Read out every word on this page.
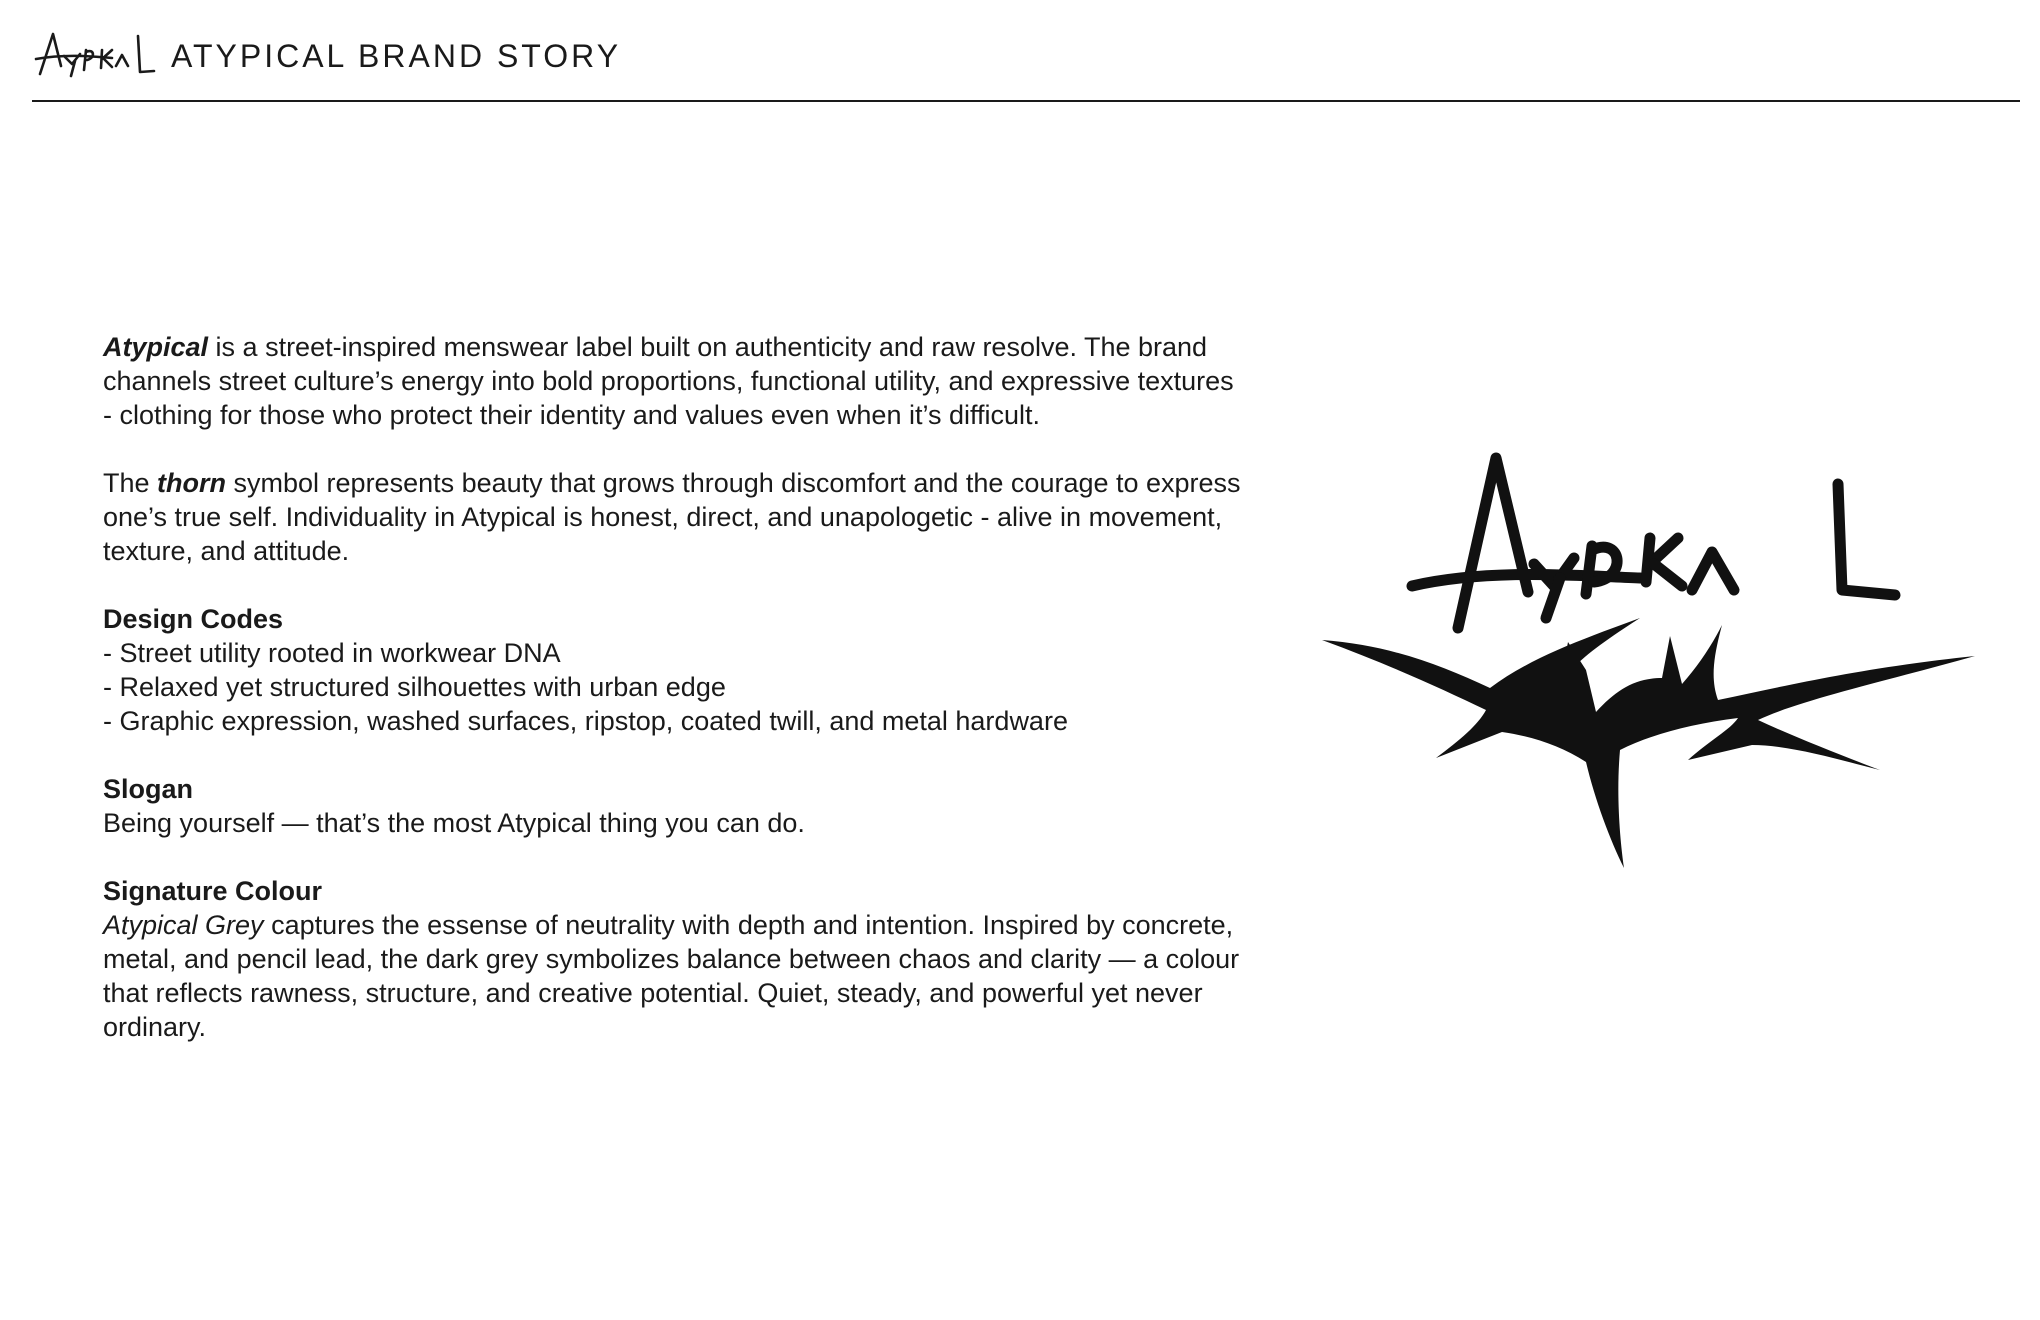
ATYPICAL BRAND STORY

Atypical is a street-inspired menswear label built on authenticity and raw resolve. The brand channels street culture’s energy into bold proportions, functional utility, and expressive textures - clothing for those who protect their identity and values even when it’s difficult.

The thorn symbol represents beauty that grows through discomfort and the courage to express one’s true self. Individuality in Atypical is honest, direct, and unapologetic - alive in movement, texture, and attitude.

Design Codes
- Street utility rooted in workwear DNA
- Relaxed yet structured silhouettes with urban edge
- Graphic expression, washed surfaces, ripstop, coated twill, and metal hardware
Slogan

Being yourself — that’s the most Atypical thing you can do.

Signature Colour

Atypical Grey captures the essense of neutrality with depth and intention. Inspired by concrete, metal, and pencil lead, the dark grey symbolizes balance between chaos and clarity — a colour that reflects rawness, structure, and creative potential. Quiet, steady, and powerful yet never ordinary.
